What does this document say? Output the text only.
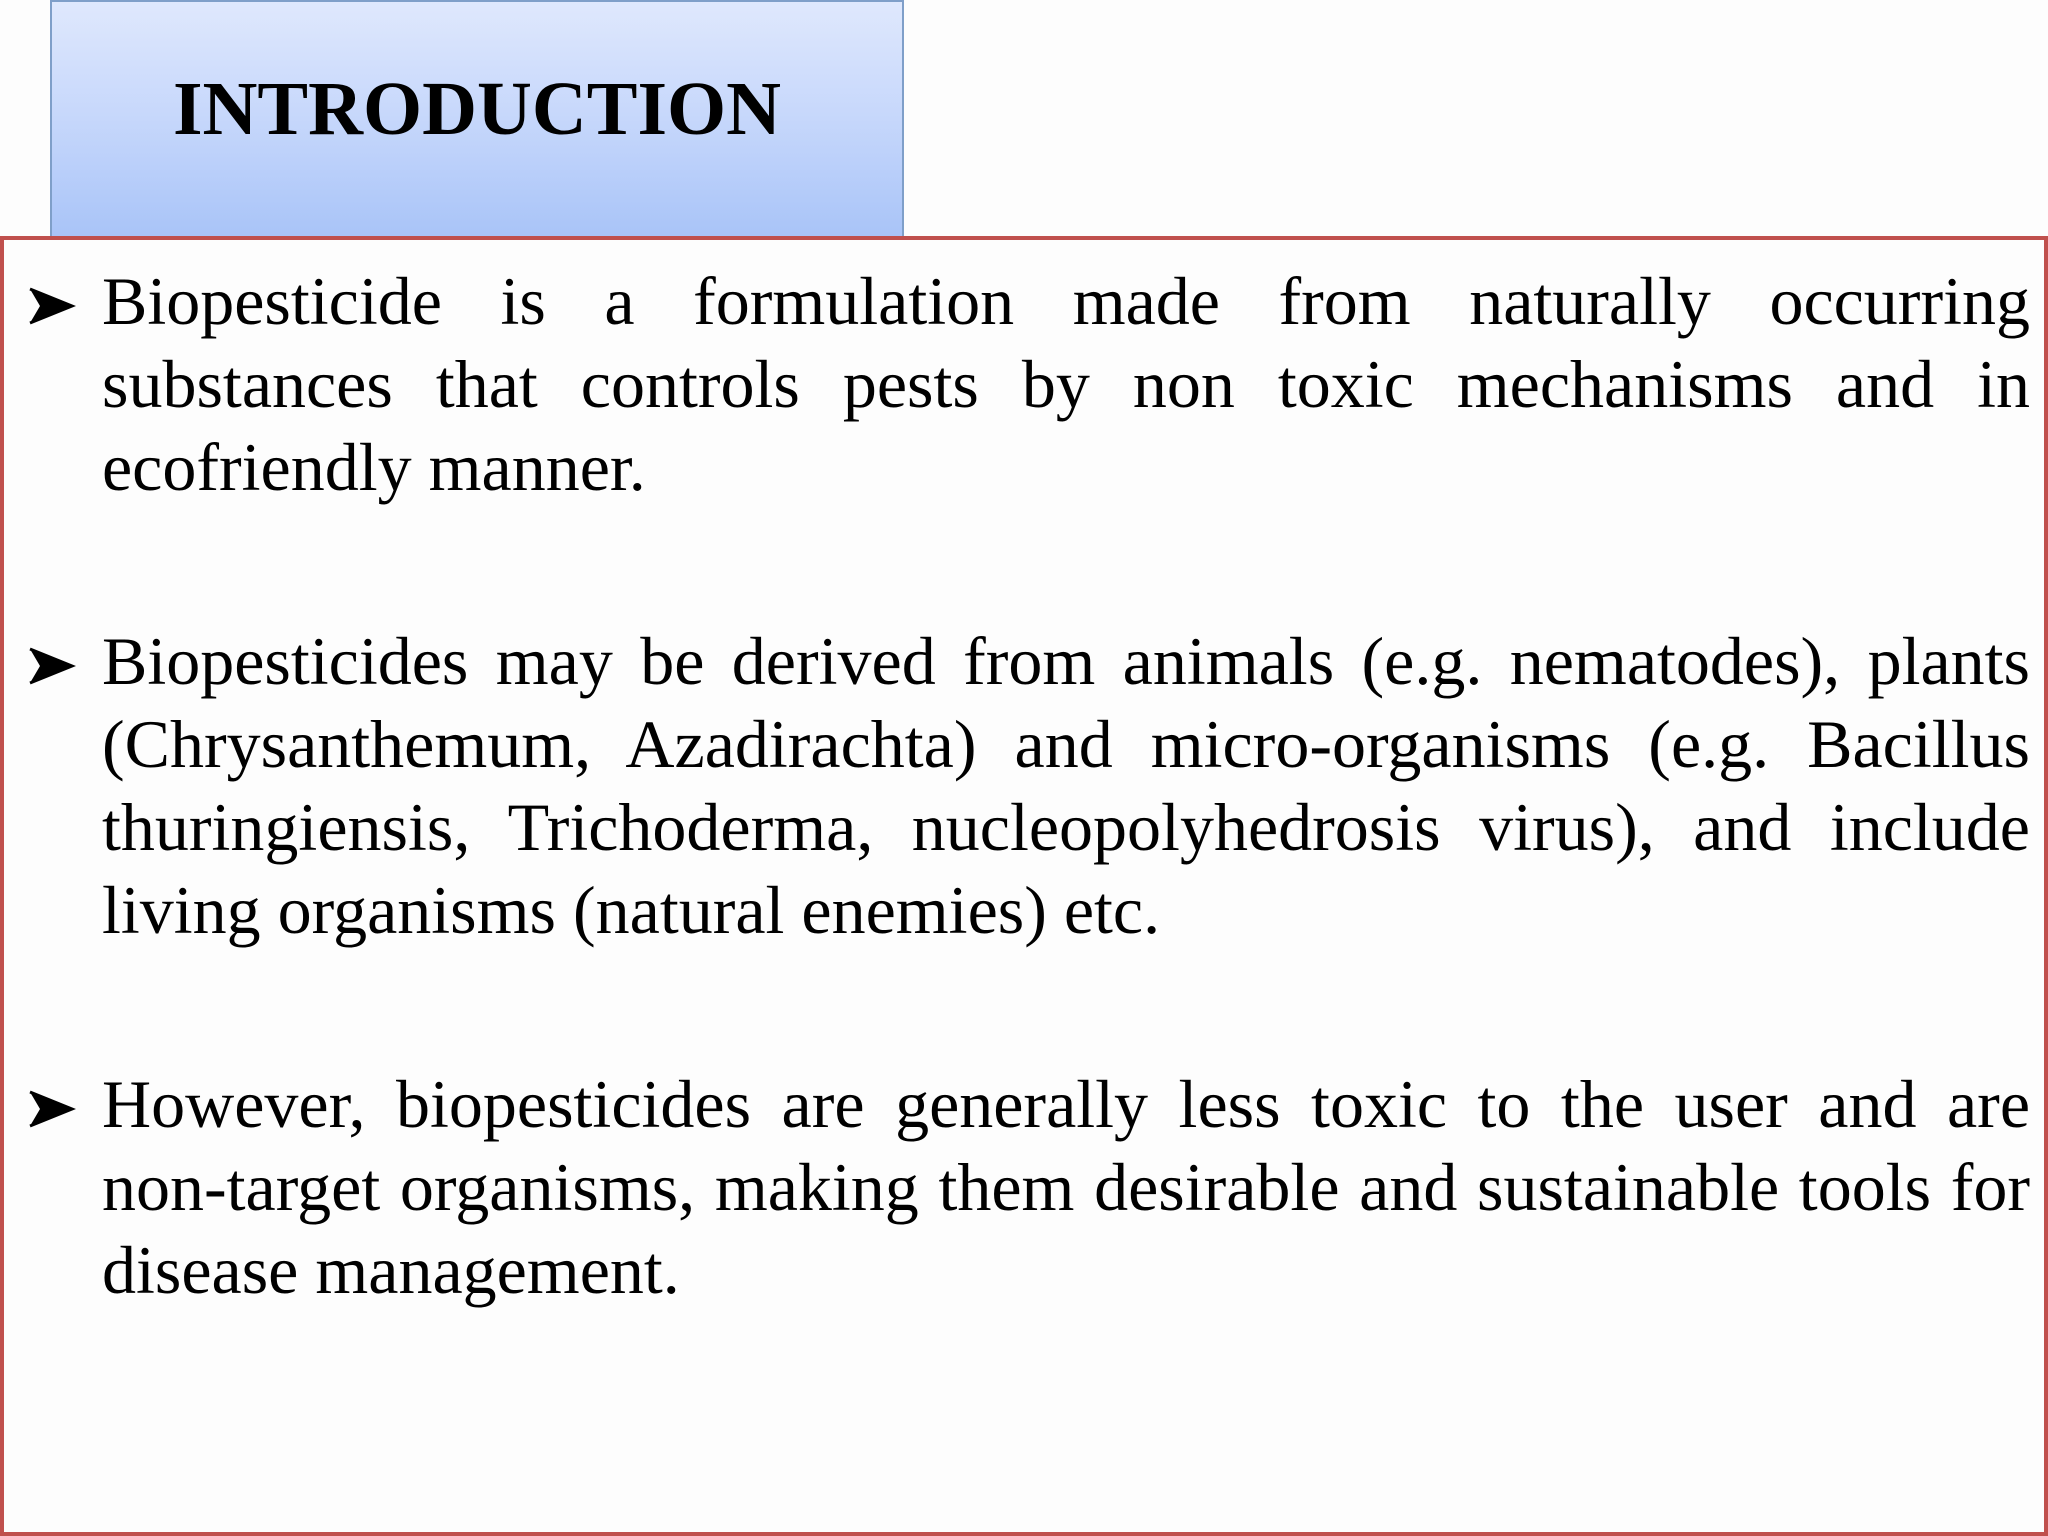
INTRODUCTION
Biopesticide is a formulation made from naturally occurring substances that controls pests by non toxic mechanisms and in ecofriendly manner.
Biopesticides may be derived from animals (e.g. nematodes), plants (Chrysanthemum, Azadirachta) and micro-organisms (e.g. Bacillus thuringiensis, Trichoderma, nucleopolyhedrosis virus), and include living organisms (natural enemies) etc.
However, biopesticides are generally less toxic to the user and are non-target organisms, making them desirable and sustainable tools for disease management.
